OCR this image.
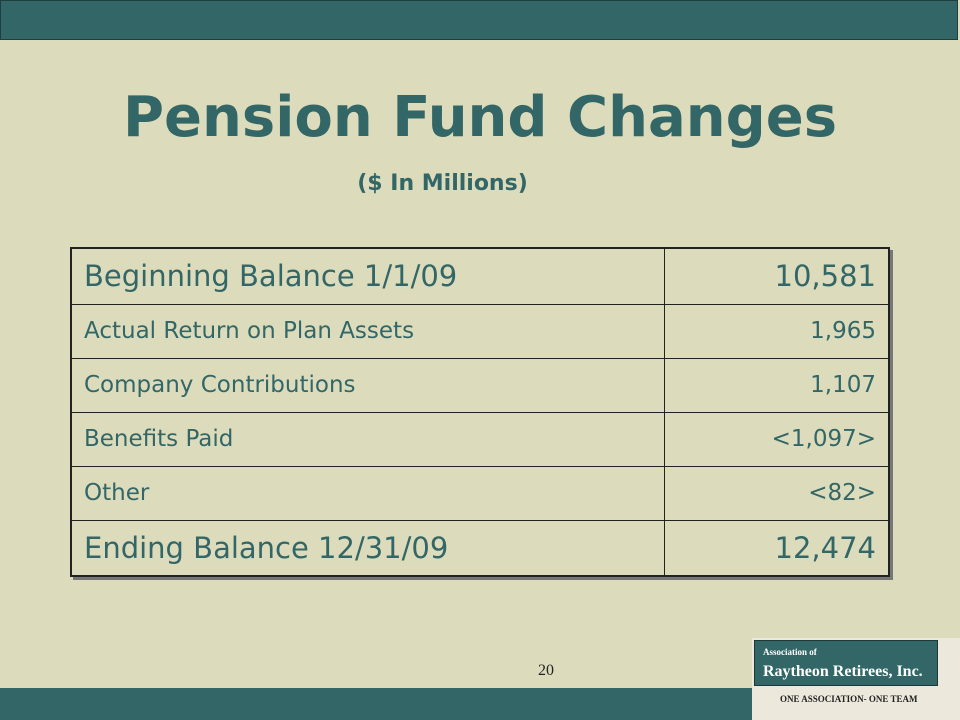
Pension Fund Changes
($ In Millions)
Beginning Balance 1/1/09	10,581
Actual Return on Plan Assets	1,965
Company Contributions	1,107
Benefits Paid	<1,097>
Other	<82>
Ending Balance 12/31/09	12,474
20
Association of
Raytheon Retirees, Inc.
ONE ASSOCIATION- ONE TEAM
